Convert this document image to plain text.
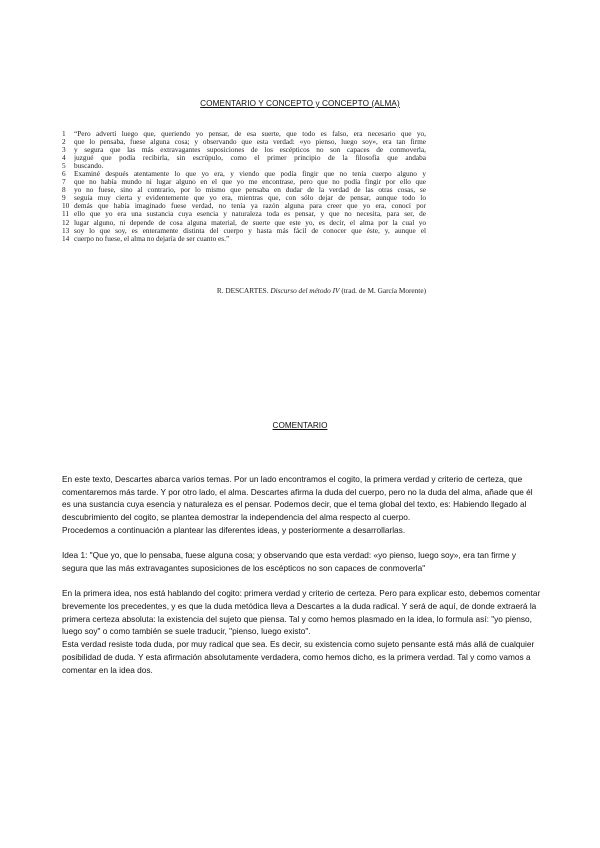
COMENTARIO Y CONCEPTO y CONCEPTO (ALMA)
1	“Pero advertí luego que, queriendo yo pensar, de esa suerte, que todo es falso, era necesario que yo,
2	que lo pensaba, fuese alguna cosa; y observando que esta verdad: «yo pienso, luego soy», era tan firme
3	y segura que las más extravagantes suposiciones de los escépticos no son capaces de conmoverla,
4	juzgué que podía recibirla, sin escrúpulo, como el primer principio de la filosofía que andaba
5	buscando.
6	Examiné después atentamente lo que yo era, y viendo que podía fingir que no tenía cuerpo alguno y
7	que no había mundo ni lugar alguno en el que yo me encontrase, pero que no podía fingir por ello que
8	yo no fuese, sino al contrario, por lo mismo que pensaba en dudar de la verdad de las otras cosas, se
9	seguía muy cierta y evidentemente que yo era, mientras que, con sólo dejar de pensar, aunque todo lo
10 demás que había imaginado fuese verdad, no tenía ya razón alguna para creer que yo era, conocí por
11 ello que yo era una sustancia cuya esencia y naturaleza toda es pensar, y que no necesita, para ser, de
12 lugar alguno, ni depende de cosa alguna material, de suerte que este yo, es decir, el alma por la cual yo
13 soy lo que soy, es enteramente distinta del cuerpo y hasta más fácil de conocer que éste, y, aunque el
14 cuerpo no fuese, el alma no dejaría de ser cuanto es.”
R. DESCARTES. Discurso del método IV (trad. de M. García Morente)
COMENTARIO

En este texto, Descartes abarca varios temas. Por un lado encontramos el cogito, la primera verdad y criterio de certeza, que comentaremos más tarde. Y por otro lado, el alma. Descartes afirma la duda del cuerpo, pero no la duda del alma, añade que él es una sustancia cuya esencia y naturaleza es el pensar. Podemos decir, que el tema global del texto, es: Habiendo llegado al descubrimiento del cogito, se plantea demostrar la independencia del alma respecto al cuerpo.

Procedemos a continuación a plantear las diferentes ideas, y posteriormente a desarrollarlas.

Idea 1: "Que yo, que lo pensaba, fuese alguna cosa; y observando que esta verdad: «yo pienso, luego soy», era tan firme y segura que las más extravagantes suposiciones de los escépticos no son capaces de conmoverla"

En la primera idea, nos está hablando del cogito: primera verdad y criterio de certeza. Pero para explicar esto, debemos comentar brevemente los precedentes, y es que la duda metódica lleva a Descartes a la duda radical. Y será de aquí, de donde extraerá la primera certeza absoluta: la existencia del sujeto que piensa. Tal y como hemos plasmado en la idea, lo formula así: "yo pienso, luego soy" o como también se suele traducir, "pienso, luego existo".

Esta verdad resiste toda duda, por muy radical que sea. Es decir, su existencia como sujeto pensante está más allá de cualquier posibilidad de duda. Y esta afirmación absolutamente verdadera, como hemos dicho, es la primera verdad. Tal y como vamos a comentar en la idea dos.
